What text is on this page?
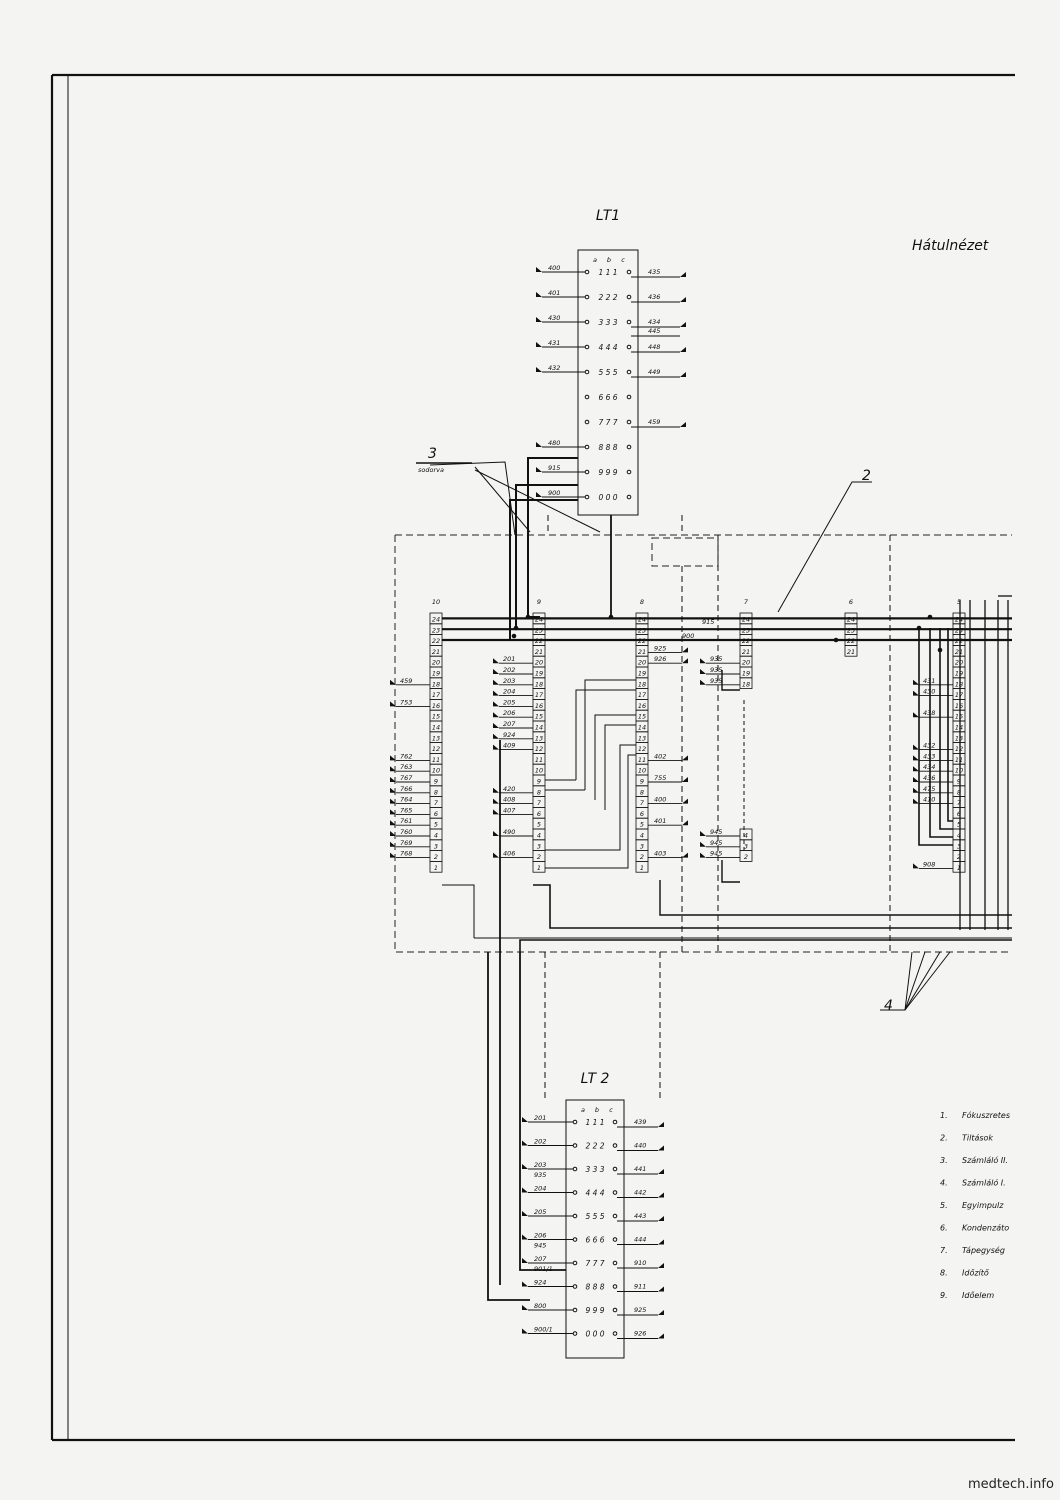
Hátulnézet
LT1
a b c
1 1 1
400	435
2 2 2
401	436
3 3 3
430	434
445
4 4 4
431	448
5 5 5
432	449
6 6 6
7 7 7	459
8 8 8
480
9 9 9
915
0 0 0
900
LT 2
a b c
1 1 1
201	439
2 2 2
202	440
3 3 3
203
935
441
4 4 4
204	442
5 5 5
205	443
6 6 6
206
945
444
7 7 7
207
901/1
910
8 8 8
924	911
9 9 9
800	925
0 0 0
900/1	926
10
24
23
22
21
20
19
18
17
16
15
14
13
12
11
10
9
8
7
6
5
4
3
2
1
768
769
760
761
765
764
766
767
763
762
753
459
9
24
23
22
21
20
19
18
17
16
15
14
13
12
11
10
9
8
7
6
5
4
3
2
1
406
490
407
408
420
409
924
207
206
205
204
203
202
201
8
24
23
22
21
20
19
18
17
16
15
14
13
12
11
10
9
8
7
6
5
4
3
2
1
403
401
400
755
402
926
925
7
24
23
22
21
20
19
18
4
3
2
945
945
945
935
935
935
915
900
6
24
23
22
21
5
24
23
22
21
20
19
18
17
16
15
14
13
12
11
10
9
8
7
6
5
4
3
2
1
908
410
475
436
434
433
432
438
430
431
2
3
sodorva
4
1. Fókuszretes
2. Tiltások
3. Számláló II.
4. Számláló I.
5. Egyimpulz
6. Kondenzáto
7. Tápegység
8. Időzítő
9. Időelem
medtech.info
